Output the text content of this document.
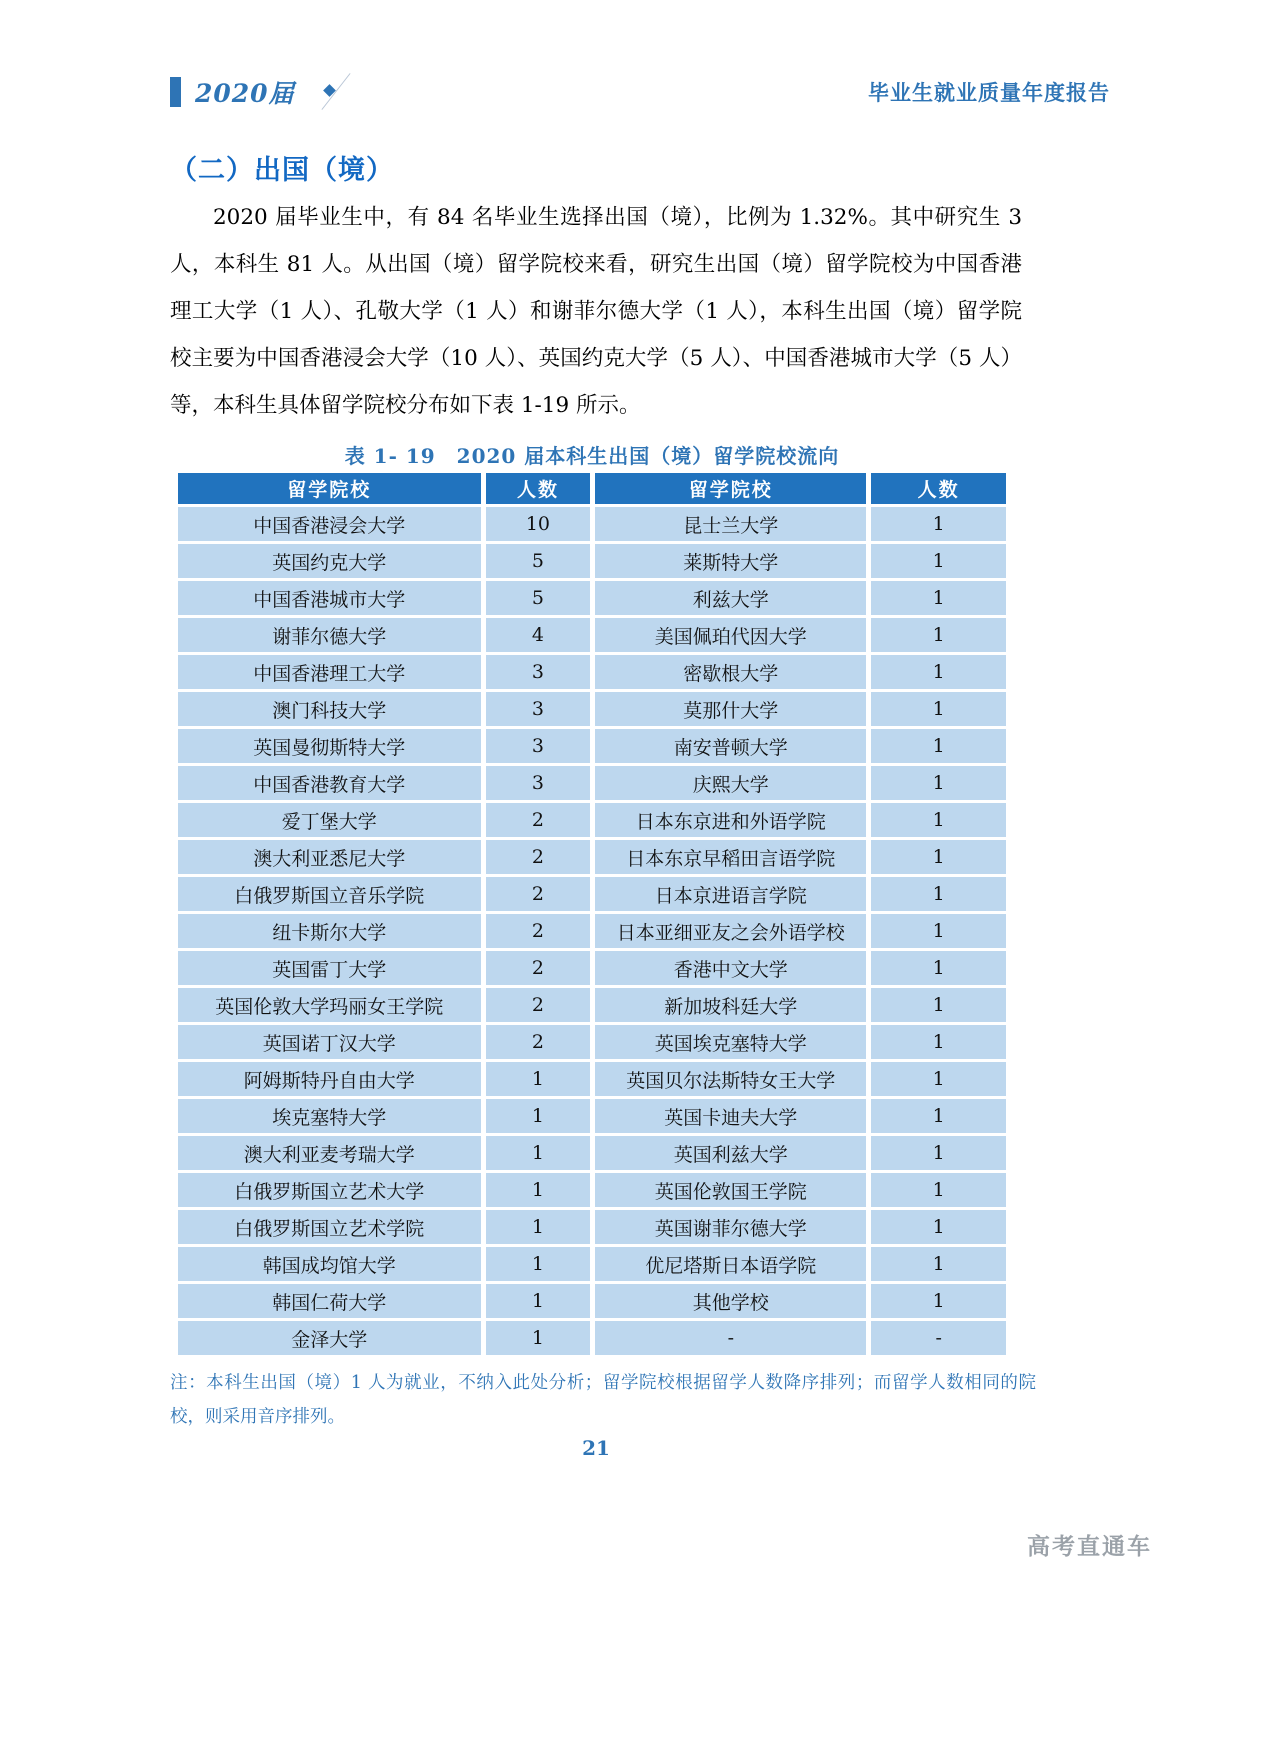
2020届	毕业生就业质量年度报告
（二）出国（境）
2020 届毕业生中，有 84 名毕业生选择出国（境），比例为 1.32%。其中研究生 3 人，本科生 81 人。从出国（境）留学院校来看，研究生出国（境）留学院校为中国香港理工大学（1 人）、孔敬大学（1 人）和谢菲尔德大学（1 人），本科生出国（境）留学院校主要为中国香港浸会大学（10 人）、英国约克大学（5 人）、中国香港城市大学（5 人）等，本科生具体留学院校分布如下表 1-19 所示。
表 1- 19　2020 届本科生出国（境）留学院校流向
留学院校	人数	留学院校	人数
中国香港浸会大学	10	昆士兰大学	1
英国约克大学	5	莱斯特大学	1
中国香港城市大学	5	利兹大学	1
谢菲尔德大学	4	美国佩珀代因大学	1
中国香港理工大学	3	密歇根大学	1
澳门科技大学	3	莫那什大学	1
英国曼彻斯特大学	3	南安普顿大学	1
中国香港教育大学	3	庆熙大学	1
爱丁堡大学	2	日本东京进和外语学院	1
澳大利亚悉尼大学	2	日本东京早稻田言语学院	1
白俄罗斯国立音乐学院	2	日本京进语言学院	1
纽卡斯尔大学	2	日本亚细亚友之会外语学校	1
英国雷丁大学	2	香港中文大学	1
英国伦敦大学玛丽女王学院	2	新加坡科廷大学	1
英国诺丁汉大学	2	英国埃克塞特大学	1
阿姆斯特丹自由大学	1	英国贝尔法斯特女王大学	1
埃克塞特大学	1	英国卡迪夫大学	1
澳大利亚麦考瑞大学	1	英国利兹大学	1
白俄罗斯国立艺术大学	1	英国伦敦国王学院	1
白俄罗斯国立艺术学院	1	英国谢菲尔德大学	1
韩国成均馆大学	1	优尼塔斯日本语学院	1
韩国仁荷大学	1	其他学校	1
金泽大学	1	-	-
注：本科生出国（境）1 人为就业，不纳入此处分析；留学院校根据留学人数降序排列；而留学人数相同的院校，则采用音序排列。
21
高考直通车
